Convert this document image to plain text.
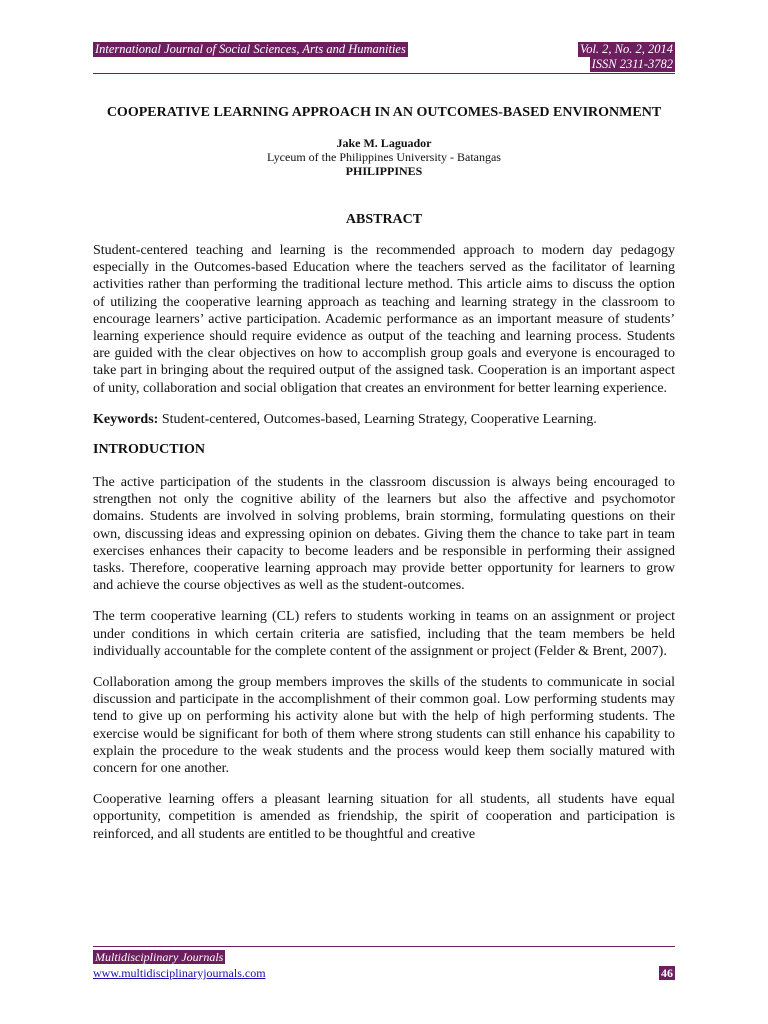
International Journal of Social Sciences, Arts and Humanities	Vol. 2, No. 2, 2014
ISSN 2311-3782
COOPERATIVE LEARNING APPROACH IN AN OUTCOMES-BASED ENVIRONMENT
Jake M. Laguador
Lyceum of the Philippines University - Batangas
PHILIPPINES
ABSTRACT

Student-centered teaching and learning is the recommended approach to modern day pedagogy especially in the Outcomes-based Education where the teachers served as the facilitator of learning activities rather than performing the traditional lecture method. This article aims to discuss the option of utilizing the cooperative learning approach as teaching and learning strategy in the classroom to encourage learners’ active participation. Academic performance as an important measure of students’ learning experience should require evidence as output of the teaching and learning process. Students are guided with the clear objectives on how to accomplish group goals and everyone is encouraged to take part in bringing about the required output of the assigned task. Cooperation is an important aspect of unity, collaboration and social obligation that creates an environment for better learning experience.

Keywords: Student-centered, Outcomes-based, Learning Strategy, Cooperative Learning.

INTRODUCTION

The active participation of the students in the classroom discussion is always being encouraged to strengthen not only the cognitive ability of the learners but also the affective and psychomotor domains. Students are involved in solving problems, brain storming, formulating questions on their own, discussing ideas and expressing opinion on debates. Giving them the chance to take part in team exercises enhances their capacity to become leaders and be responsible in performing their assigned tasks. Therefore, cooperative learning approach may provide better opportunity for learners to grow and achieve the course objectives as well as the student-outcomes.

The term cooperative learning (CL) refers to students working in teams on an assignment or project under conditions in which certain criteria are satisfied, including that the team members be held individually accountable for the complete content of the assignment or project (Felder & Brent, 2007).

Collaboration among the group members improves the skills of the students to communicate in social discussion and participate in the accomplishment of their common goal. Low performing students may tend to give up on performing his activity alone but with the help of high performing students. The exercise would be significant for both of them where strong students can still enhance his capability to explain the procedure to the weak students and the process would keep them socially matured with concern for one another.

Cooperative learning offers a pleasant learning situation for all students, all students have equal opportunity, competition is amended as friendship, the spirit of cooperation and participation is reinforced, and all students are entitled to be thoughtful and creative

Multidisciplinary Journals
www.multidisciplinaryjournals.com	46
